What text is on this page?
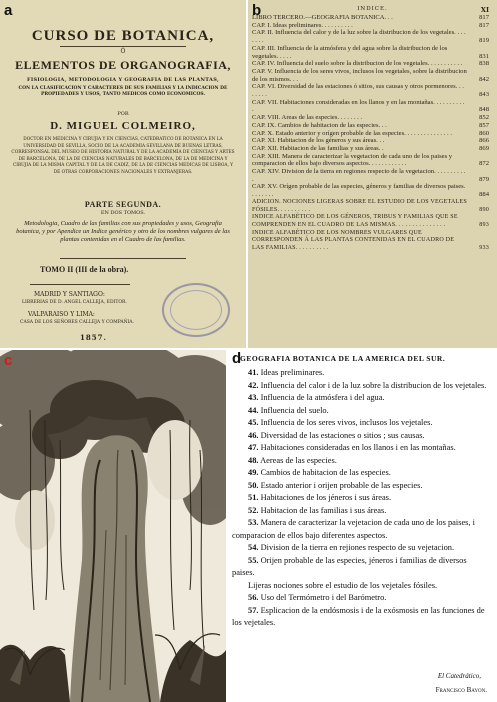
a
CURSO DE BOTANICA,
Ó
ELEMENTOS DE ORGANOGRAFIA,
FISIOLOGIA, METODOLOGIA Y GEOGRAFIA DE LAS PLANTAS,
CON LA CLASIFICACION Y CARACTERES DE SUS FAMILIAS Y LA INDICACION DE PROPIEDADES Y USOS, TANTO MEDICOS COMO ECONOMICOS.
POR
D. MIGUEL COLMEIRO,
DOCTOR EN MEDICINA Y CIRUJIA Y EN CIENCIAS, CATEDRATICO DE BOTANICA EN LA UNIVERSIDAD DE SEVILLA, SOCIO DE LA ACADEMIA SEVILLANA DE BUENAS LETRAS, CORRESPONSAL DEL MUSEO DE HISTORIA NATURAL Y DE LA ACADEMIA DE CIENCIAS Y ARTES DE BARCELONA, DE LA DE CIENCIAS NATURALES DE BARCELONA, DE LA DE MEDICINA Y CIRUJIA DE LA MISMA CAPITAL Y DE LA DE CADIZ, DE LA DE CIENCIAS MEDICAS DE LISBOA, Y DE OTRAS CORPORACIONES NACIONALES Y EXTRANJERAS.
PARTE SEGUNDA.
EN DOS TOMOS.
Metodologia, Cuadro de las familias con sus propiedades y usos, Geografia botanica, y por Apendice un Indice genérico y otro de los nombres vulgares de las plantas contenidas en el Cuadro de las familias.
TOMO II (III de la obra).
MADRID Y SANTIAGO:
LIBRERIAS DE D. ANGEL CALLEJA, EDITOR.
VALPARAISO Y LIMA:
CASA DE LOS SEÑORES CALLEJA Y COMPAÑIA.
1857.
b	INDICE.	XI
LIBRO TERCERO.—GEOGRAFIA BOTANICA. . .	817
CAP. I. Ideas preliminares. . . . . . . . . .	817
CAP. II. Influencia del calor y de la luz sobre la distribucion de los vegetales. . . . . . . .	819
CAP. III. Influencia de la atmósfera y del agua sobre la distribucion de los vegetales. . . . .	831
CAP. IV. Influencia del suelo sobre la distribucion de los vegetales. . . . . . . . . . .	838
CAP. V. Influencia de los seres vivos, inclusos los vegetales, sobre la distribucion de los mismos. . .	842
CAP. VI. Diversidad de las estaciones ó sitios, sus causas y otros pormenores. . . . . . . .	843
CAP. VII. Habitaciones consideradas en los llanos y en las montañas. . . . . . . . . . .	848
CAP. VIII. Areas de las especies. . . . . . . .	852
CAP. IX. Cambios de habitacion de las especies. . .	857
CAP. X. Estado anterior y orígen probable de las especies. . . . . . . . . . . . . . .	860
CAP. XI. Habitacion de los géneros y sus áreas. . .	866
CAP. XII. Habitacion de las familias y sus áreas. .	869
CAP. XIII. Manera de caracterizar la vegetacion de cada uno de los paises y comparacion de ellos bajo diversos aspectos. . . . . . . . . . . .	872
CAP. XIV. Division de la tierra en regiones respecto de la vegetacion. . . . . . . . . . .	879
CAP. XV. Orígen probable de las especies, géneros y familias de diversos paises. . . . . . . .	884
ADICION. NOCIONES LIGERAS SOBRE EL ESTUDIO DE LOS VEGETALES FÓSILES. . . . . . . . . .	890
INDICE ALFABÉTICO DE LOS GÉNEROS, TRIBUS Y FAMILIAS QUE SE COMPRENDEN EN EL CUADRO DE LAS MISMAS. . . . . . . . . . . . . . .	893
INDICE ALFABÉTICO DE LOS NOMBRES VULGARES QUE CORRESPONDEN Á LAS PLANTAS CONTENIDAS EN EL CUADRO DE LAS FAMILIAS. . . . . . . . . .	933
c	d
GEOGRAFIA BOTANICA DE LA AMERICA DEL SUR.
41. Ideas preliminares.
42. Influencia del calor i de la luz sobre la distribucion de los vejetales.
43. Influencia de la atmósfera i del agua.
44. Influencia del suelo.
45. Influencia de los seres vivos, inclusos los vejetales.
46. Diversidad de las estaciones o sitios ; sus causas.
47. Habitaciones consideradas en los llanos i en las montañas.
48. Aereas de las especies.
49. Cambios de habitacion de las especies.
50. Estado anterior i orijen probable de las especies.
51. Habitaciones de los jéneros i sus áreas.
52. Habitacion de las familias i sus áreas.
53. Manera de caracterizar la vejetacion de cada uno de los paises, i comparacion de ellos bajo diferentes aspectos.
54. Division de la tierra en rejiones respecto de su vejetacion.
55. Orijen probable de las especies, jéneros i familias de diversos paises.
Lijeras nociones sobre el estudio de los vejetales fósiles.
56. Uso del Termómetro i del Barómetro.
57. Esplicacion de la endósmosis i de la exósmosis en las funciones de los vejetales.
El Catedrático,
Francisco Bayon.
